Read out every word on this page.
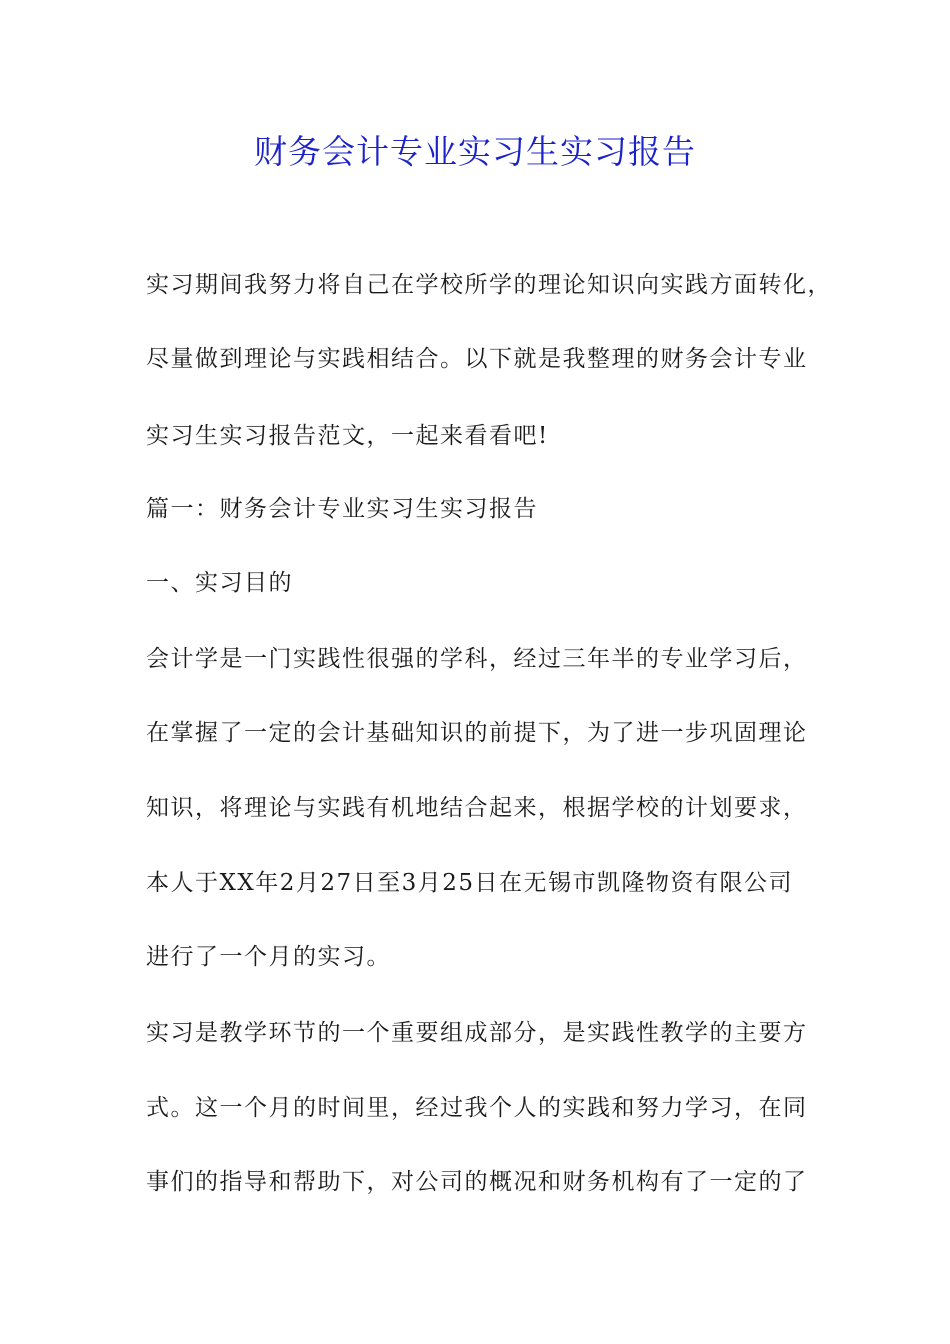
财务会计专业实习生实习报告
实习期间我努力将自己在学校所学的理论知识向实践方面转化，
尽量做到理论与实践相结合。以下就是我整理的财务会计专业
实习生实习报告范文，一起来看看吧!
篇一：财务会计专业实习生实习报告
一、实习目的
会计学是一门实践性很强的学科，经过三年半的专业学习后，
在掌握了一定的会计基础知识的前提下，为了进一步巩固理论
知识，将理论与实践有机地结合起来，根据学校的计划要求，
本人于XX年2月27日至3月25日在无锡市凯隆物资有限公司
进行了一个月的实习。
实习是教学环节的一个重要组成部分，是实践性教学的主要方
式。这一个月的时间里，经过我个人的实践和努力学习，在同
事们的指导和帮助下，对公司的概况和财务机构有了一定的了
